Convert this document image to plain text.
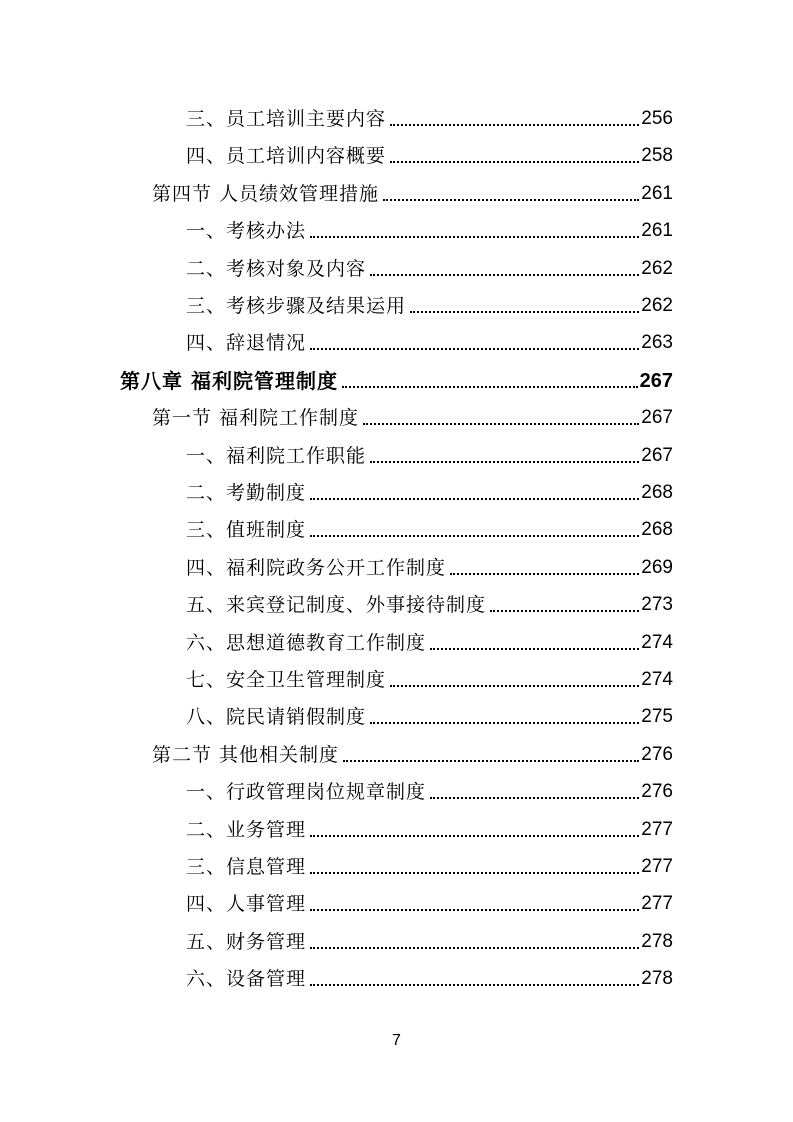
三、员工培训主要内容	256
四、员工培训内容概要	258
第四节 人员绩效管理措施	261
一、考核办法	261
二、考核对象及内容	262
三、考核步骤及结果运用	262
四、辞退情况	263
第八章 福利院管理制度	267
第一节 福利院工作制度	267
一、福利院工作职能	267
二、考勤制度	268
三、值班制度	268
四、福利院政务公开工作制度	269
五、来宾登记制度、外事接待制度	273
六、思想道德教育工作制度	274
七、安全卫生管理制度	274
八、院民请销假制度	275
第二节 其他相关制度	276
一、行政管理岗位规章制度	276
二、业务管理	277
三、信息管理	277
四、人事管理	277
五、财务管理	278
六、设备管理	278
7
